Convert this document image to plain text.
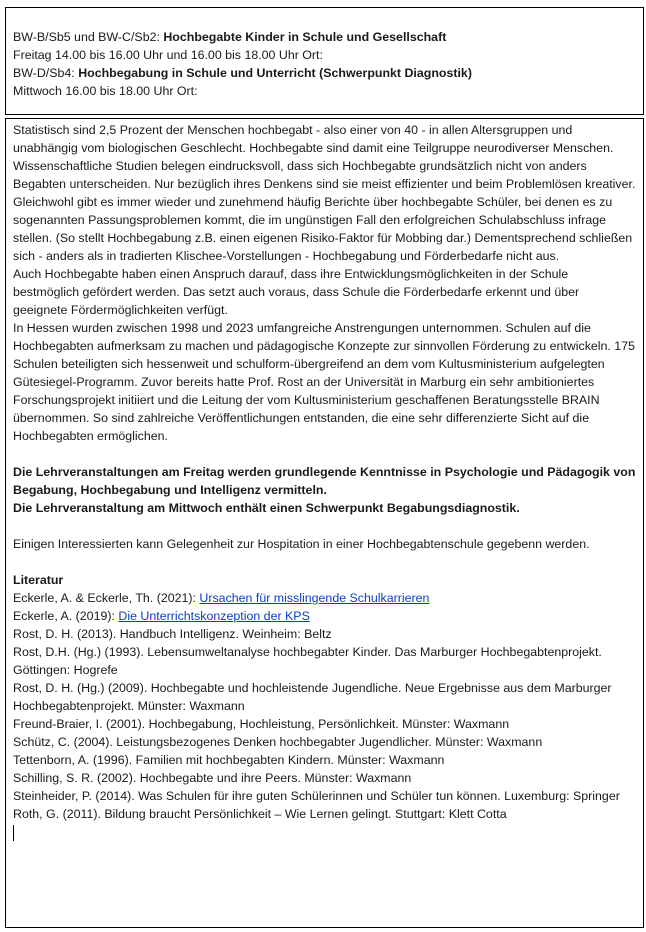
BW-B/Sb5 und BW-C/Sb2: Hochbegabte Kinder in Schule und Gesellschaft
Freitag 14.00 bis 16.00 Uhr und 16.00 bis 18.00 Uhr Ort:
BW-D/Sb4: Hochbegabung in Schule und Unterricht (Schwerpunkt Diagnostik)
Mittwoch 16.00 bis 18.00 Uhr Ort:

Statistisch sind 2,5 Prozent der Menschen hochbegabt - also einer von 40 - in allen Altersgruppen und unabhängig vom biologischen Geschlecht. Hochbegabte sind damit eine Teilgruppe neurodiverser Menschen.

Wissenschaftliche Studien belegen eindrucksvoll, dass sich Hochbegabte grundsätzlich nicht von anders Begabten unterscheiden. Nur bezüglich ihres Denkens sind sie meist effizienter und beim Problemlösen kreativer.

Gleichwohl gibt es immer wieder und zunehmend häufig Berichte über hochbegabte Schüler, bei denen es zu sogenannten Passungsproblemen kommt, die im ungünstigen Fall den erfolgreichen Schulabschluss infrage stellen. (So stellt Hochbegabung z.B. einen eigenen Risiko-Faktor für Mobbing dar.) Dementsprechend schließen sich - anders als in tradierten Klischee-Vorstellungen - Hochbegabung und Förderbedarfe nicht aus.

Auch Hochbegabte haben einen Anspruch darauf, dass ihre Entwicklungsmöglichkeiten in der Schule bestmöglich gefördert werden. Das setzt auch voraus, dass Schule die Förderbedarfe erkennt und über geeignete Fördermöglichkeiten verfügt.

In Hessen wurden zwischen 1998 und 2023 umfangreiche Anstrengungen unternommen. Schulen auf die Hochbegabten aufmerksam zu machen und pädagogische Konzepte zur sinnvollen Förderung zu entwickeln. 175 Schulen beteiligten sich hessenweit und schulform-übergreifend an dem vom Kultusministerium aufgelegten Gütesiegel-Programm. Zuvor bereits hatte Prof. Rost an der Universität in Marburg ein sehr ambitioniertes Forschungsprojekt initiiert und die Leitung der vom Kultusministerium geschaffenen Beratungsstelle BRAIN übernommen. So sind zahlreiche Veröffentlichungen entstanden, die eine sehr differenzierte Sicht auf die Hochbegabten ermöglichen.

Die Lehrveranstaltungen am Freitag werden grundlegende Kenntnisse in Psychologie und Pädagogik von Begabung, Hochbegabung und Intelligenz vermitteln.

Die Lehrveranstaltung am Mittwoch enthält einen Schwerpunkt Begabungsdiagnostik.

Einigen Interessierten kann Gelegenheit zur Hospitation in einer Hochbegabtenschule gegebenn werden.

Literatur

Eckerle, A. & Eckerle, Th. (2021): Ursachen für misslingende Schulkarrieren
Eckerle, A. (2019): Die Unterrichtskonzeption der KPS
Rost, D. H. (2013). Handbuch Intelligenz. Weinheim: Beltz
Rost, D.H. (Hg.) (1993). Lebensumweltanalyse hochbegabter Kinder. Das Marburger Hochbegabtenprojekt. Göttingen: Hogrefe
Rost, D. H. (Hg.) (2009). Hochbegabte und hochleistende Jugendliche. Neue Ergebnisse aus dem Marburger Hochbegabtenprojekt. Münster: Waxmann
Freund-Braier, I. (2001). Hochbegabung, Hochleistung, Persönlichkeit. Münster: Waxmann
Schütz, C. (2004). Leistungsbezogenes Denken hochbegabter Jugendlicher. Münster: Waxmann
Tettenborn, A. (1996). Familien mit hochbegabten Kindern. Münster: Waxmann
Schilling, S. R. (2002). Hochbegabte und ihre Peers. Münster: Waxmann
Steinheider, P. (2014). Was Schulen für ihre guten Schülerinnen und Schüler tun können. Luxemburg: Springer
Roth, G. (2011). Bildung braucht Persönlichkeit – Wie Lernen gelingt. Stuttgart: Klett Cotta
